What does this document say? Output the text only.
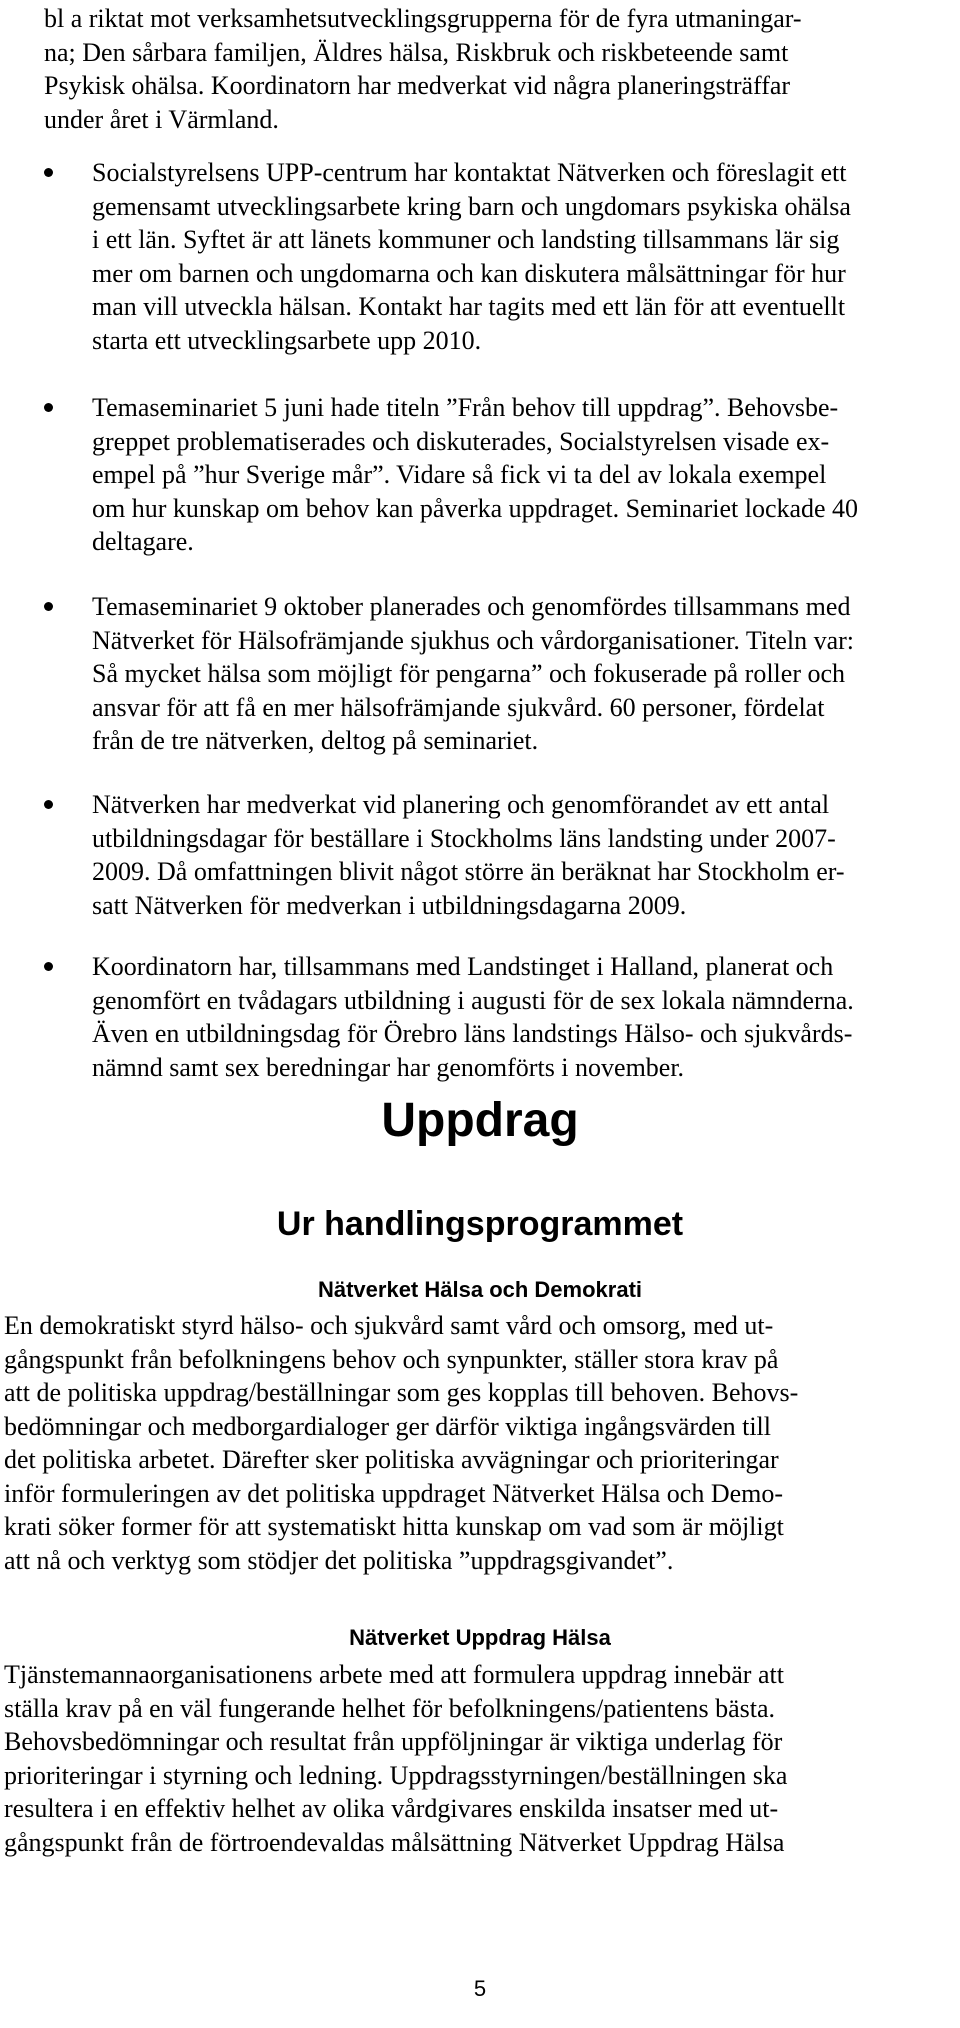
bl a riktat mot verksamhetsutvecklingsgrupperna för de fyra utmaningar-
na; Den sårbara familjen, Äldres hälsa, Riskbruk och riskbeteende samt
Psykisk ohälsa. Koordinatorn har medverkat vid några planeringsträffar
under året i Värmland.
Socialstyrelsens UPP-centrum har kontaktat Nätverken och föreslagit ett
gemensamt utvecklingsarbete kring barn och ungdomars psykiska ohälsa
i ett län. Syftet är att länets kommuner och landsting tillsammans lär sig
mer om barnen och ungdomarna och kan diskutera målsättningar för hur
man vill utveckla hälsan. Kontakt har tagits med ett län för att eventuellt
starta ett utvecklingsarbete upp 2010.
Temaseminariet 5 juni hade titeln ”Från behov till uppdrag”. Behovsbe-
greppet problematiserades och diskuterades, Socialstyrelsen visade ex-
empel på ”hur Sverige mår”. Vidare så fick vi ta del av lokala exempel
om hur kunskap om behov kan påverka uppdraget. Seminariet lockade 40
deltagare.
Temaseminariet 9 oktober planerades och genomfördes tillsammans med
Nätverket för Hälsofrämjande sjukhus och vårdorganisationer. Titeln var:
Så mycket hälsa som möjligt för pengarna” och fokuserade på roller och
ansvar för att få en mer hälsofrämjande sjukvård. 60 personer, fördelat
från de tre nätverken, deltog på seminariet.
Nätverken har medverkat vid planering och genomförandet av ett antal
utbildningsdagar för beställare i Stockholms läns landsting under 2007-
2009. Då omfattningen blivit något större än beräknat har Stockholm er-
satt Nätverken för medverkan i utbildningsdagarna 2009.
Koordinatorn har, tillsammans med Landstinget i Halland, planerat och
genomfört en tvådagars utbildning i augusti för de sex lokala nämnderna.
Även en utbildningsdag för Örebro läns landstings Hälso- och sjukvårds-
nämnd samt sex beredningar har genomförts i november.
Uppdrag
Ur handlingsprogrammet
Nätverket Hälsa och Demokrati
En demokratiskt styrd hälso- och sjukvård samt vård och omsorg, med ut-
gångspunkt från befolkningens behov och synpunkter, ställer stora krav på
att de politiska uppdrag/beställningar som ges kopplas till behoven. Behovs-
bedömningar och medborgardialoger ger därför viktiga ingångsvärden till
det politiska arbetet. Därefter sker politiska avvägningar och prioriteringar
inför formuleringen av det politiska uppdraget Nätverket Hälsa och Demo-
krati söker former för att systematiskt hitta kunskap om vad som är möjligt
att nå och verktyg som stödjer det politiska ”uppdragsgivandet”.
Nätverket Uppdrag Hälsa
Tjänstemannaorganisationens arbete med att formulera uppdrag innebär att
ställa krav på en väl fungerande helhet för befolkningens/patientens bästa.
Behovsbedömningar och resultat från uppföljningar är viktiga underlag för
prioriteringar i styrning och ledning. Uppdragsstyrningen/beställningen ska
resultera i en effektiv helhet av olika vårdgivares enskilda insatser med ut-
gångspunkt från de förtroendevaldas målsättning Nätverket Uppdrag Hälsa
5
